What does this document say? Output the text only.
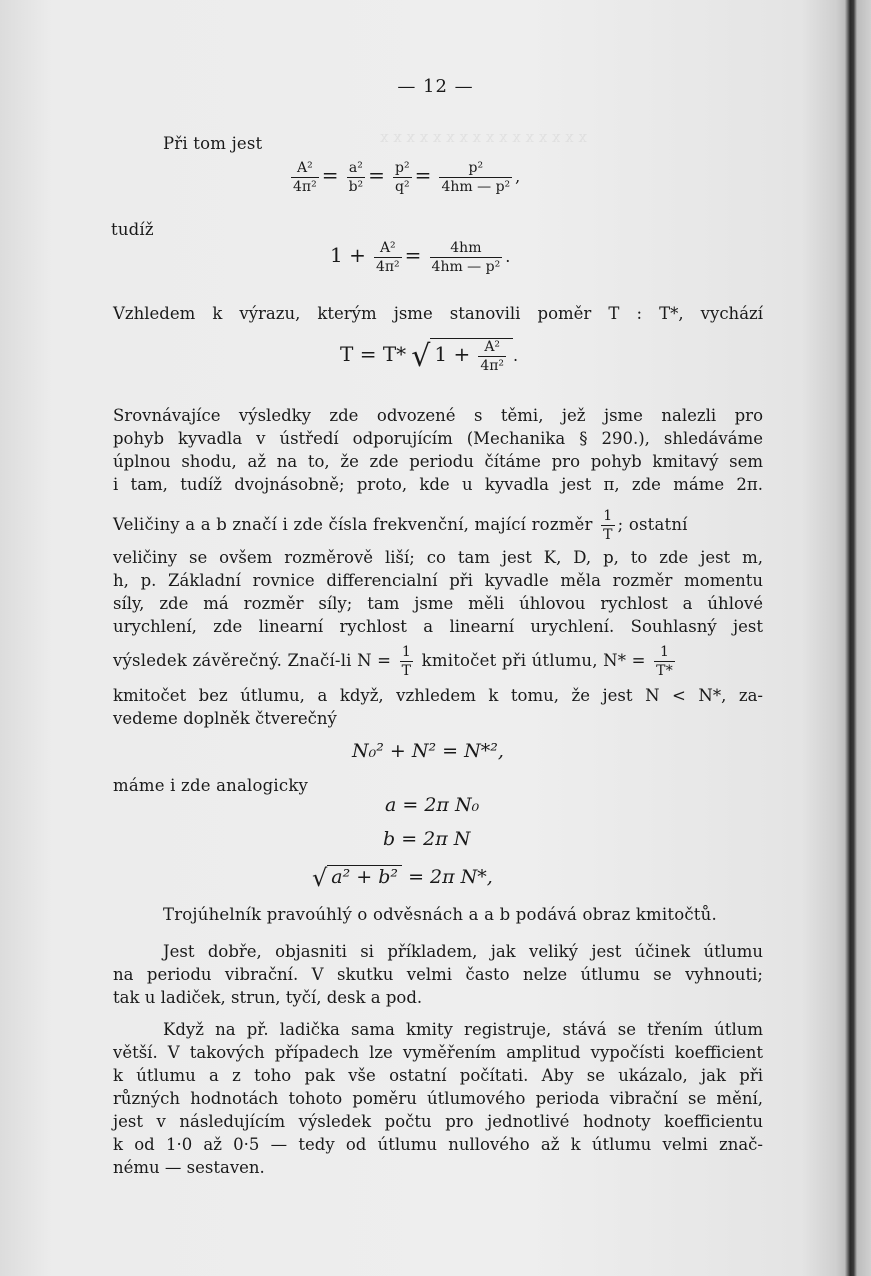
x x x x x x x x x x x x x x x x
— 12 —
Při tom jest
$\frac{\text{A²}}{\text{4π²}} = \frac{\text{a²}}{\text{b²}} = \frac{\text{p²}}{\text{q²}} = \frac{\text{p²}}{\text{4hm — p²}}$ ,
tudíž
$1 + \frac{\text{A²}}{\text{4π²}} = \frac{4hm}{\text{4hm — p²}}$ .
Vzhledem k výrazu, kterým jsme stanovili poměr T : T*, vychází
T = T* √ $1 + \frac{\text{A²}}{\text{4π²}}$ .
Srovnávajíce výsledky zde odvozené s těmi, jež jsme nalezli pro
pohyb kyvadla v ústředí odporujícím (Mechanika § 290.), shledáváme
úplnou shodu, až na to, že zde periodu čítáme pro pohyb kmitavý sem
i tam, tudíž dvojnásobně; proto, kde u kyvadla jest π, zde máme 2π.
Veličiny a a b značí i zde čísla frekvenční, mající rozměr $\frac{1}{T}$ ; ostatní
veličiny se ovšem rozměrově liší; co tam jest K, D, p, to zde jest m,
h, p. Základní rovnice differencialní při kyvadle měla rozměr momentu
síly, zde má rozměr síly; tam jsme měli úhlovou rychlost a úhlové
urychlení, zde linearní rychlost a linearní urychlení. Souhlasný jest
výsledek závěrečný. Značí-li $N = \frac{1}{T}$ kmitočet při útlumu, $N* = \frac{1}{T*}$
kmitočet bez útlumu, a když, vzhledem k tomu, že jest N < N*, za-
vedeme doplněk čtverečný
N₀² + N² = N*²,
máme i zde analogicky
a = 2π N₀
b = 2π N
√ a² + b² = 2π N*,
Trojúhelník pravoúhlý o odvěsnách a a b podává obraz kmitočtů.
Jest dobře, objasniti si příkladem, jak veliký jest účinek útlumu
na periodu vibrační. V skutku velmi často nelze útlumu se vyhnouti;
tak u ladiček, strun, tyčí, desk a pod.
Když na př. ladička sama kmity registruje, stává se třením útlum
větší. V takových případech lze vyměřením amplitud vypočísti koefficient
k útlumu a z toho pak vše ostatní počítati. Aby se ukázalo, jak při
různých hodnotách tohoto poměru útlumového perioda vibrační se mění,
jest v následujícím výsledek počtu pro jednotlivé hodnoty koefficientu
k od 1·0 až 0·5 — tedy od útlumu nullového až k útlumu velmi znač-
nému — sestaven.
